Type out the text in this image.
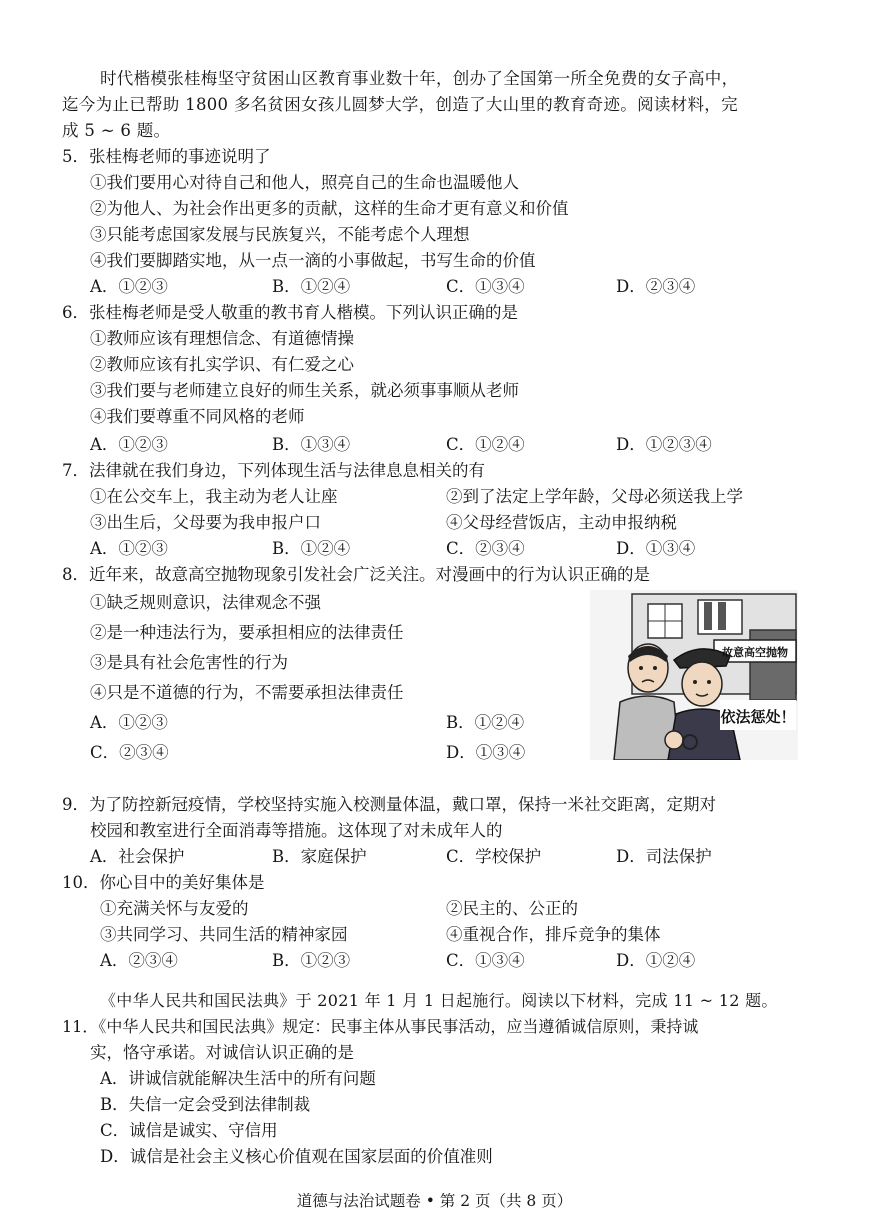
时代楷模张桂梅坚守贫困山区教育事业数十年，创办了全国第一所全免费的女子高中，
迄今为止已帮助 1800 多名贫困女孩儿圆梦大学，创造了大山里的教育奇迹。阅读材料，完
成 5 ~ 6 题。
5．张桂梅老师的事迹说明了
①我们要用心对待自己和他人，照亮自己的生命也温暖他人
②为他人、为社会作出更多的贡献，这样的生命才更有意义和价值
③只能考虑国家发展与民族复兴，不能考虑个人理想
④我们要脚踏实地，从一点一滴的小事做起，书写生命的价值
A．①②③	B．①②④	C．①③④	D．②③④
6．张桂梅老师是受人敬重的教书育人楷模。下列认识正确的是
①教师应该有理想信念、有道德情操
②教师应该有扎实学识、有仁爱之心
③我们要与老师建立良好的师生关系，就必须事事顺从老师
④我们要尊重不同风格的老师
A．①②③	B．①③④	C．①②④	D．①②③④
7．法律就在我们身边，下列体现生活与法律息息相关的有
①在公交车上，我主动为老人让座	②到了法定上学年龄，父母必须送我上学
③出生后，父母要为我申报户口	④父母经营饭店，主动申报纳税
A．①②③	B．①②④	C．②③④	D．①③④
8．近年来，故意高空抛物现象引发社会广泛关注。对漫画中的行为认识正确的是
①缺乏规则意识，法律观念不强
②是一种违法行为，要承担相应的法律责任
③是具有社会危害性的行为
④只是不道德的行为，不需要承担法律责任
A．①②③	B．①②④
C．②③④	D．①③④
故意高空抛物
依法惩处！
9．为了防控新冠疫情，学校坚持实施入校测量体温，戴口罩，保持一米社交距离，定期对
校园和教室进行全面消毒等措施。这体现了对未成年人的
A．社会保护	B．家庭保护	C．学校保护	D．司法保护
10．你心目中的美好集体是
①充满关怀与友爱的	②民主的、公正的
③共同学习、共同生活的精神家园	④重视合作，排斥竞争的集体
A．②③④	B．①②③	C．①③④	D．①②④
《中华人民共和国民法典》于 2021 年 1 月 1 日起施行。阅读以下材料，完成 11 ~ 12 题。
11．《中华人民共和国民法典》规定：民事主体从事民事活动，应当遵循诚信原则，秉持诚
实，恪守承诺。对诚信认识正确的是
A．讲诚信就能解决生活中的所有问题
B．失信一定会受到法律制裁
C．诚信是诚实、守信用
D．诚信是社会主义核心价值观在国家层面的价值准则
道德与法治试题卷 • 第 2 页（共 8 页）
